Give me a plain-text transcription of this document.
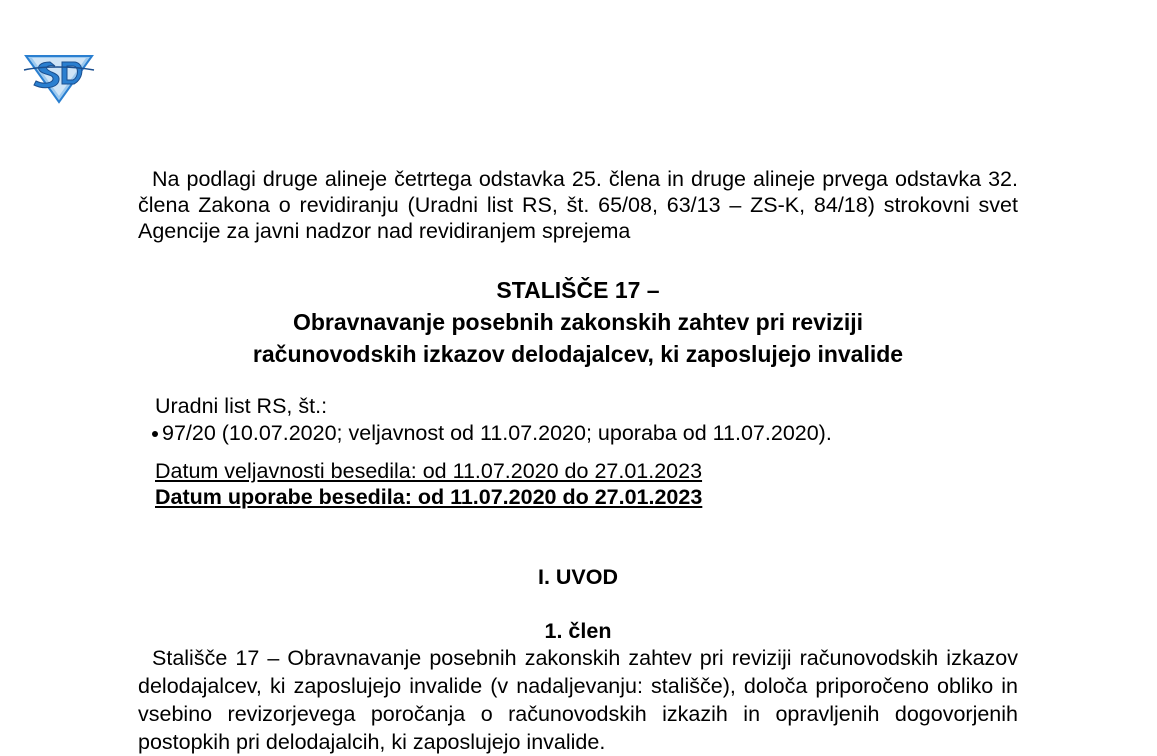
Na podlagi druge alineje četrtega odstavka 25. člena in druge alineje prvega odstavka 32. člena Zakona o revidiranju (Uradni list RS, št. 65/08, 63/13 – ZS-K, 84/18) strokovni svet Agencije za javni nadzor nad revidiranjem sprejema

STALIŠČE 17 –
Obravnavanje posebnih zakonskih zahtev pri reviziji
računovodskih izkazov delodajalcev, ki zaposlujejo invalide
Uradni list RS, št.:
97/20 (10.07.2020; veljavnost od 11.07.2020; uporaba od 11.07.2020).
Datum veljavnosti besedila: od 11.07.2020 do 27.01.2023
Datum uporabe besedila: od 11.07.2020 do 27.01.2023
I. UVOD
1. člen

Stališče 17 – Obravnavanje posebnih zakonskih zahtev pri reviziji računovodskih izkazov delodajalcev, ki zaposlujejo invalide (v nadaljevanju: stališče), določa priporočeno obliko in vsebino revizorjevega poročanja o računovodskih izkazih in opravljenih dogovorjenih postopkih pri delodajalcih, ki zaposlujejo invalide.
